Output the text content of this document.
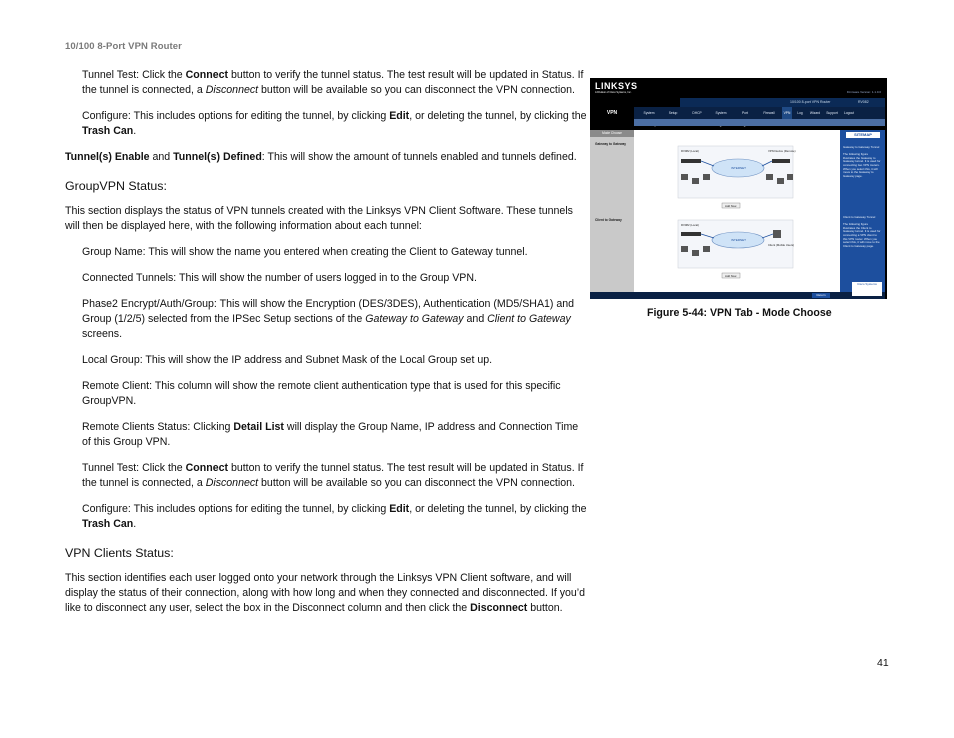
10/100 8-Port VPN Router

Tunnel Test: Click the Connect button to verify the tunnel status. The test result will be updated in Status. If the tunnel is connected, a Disconnect button will be available so you can disconnect the VPN connection.

Configure: This includes options for editing the tunnel, by clicking Edit, or deleting the tunnel, by clicking the Trash Can.

Tunnel(s) Enable and Tunnel(s) Defined: This will show the amount of tunnels enabled and tunnels defined.

GroupVPN Status:

This section displays the status of VPN tunnels created with the Linksys VPN Client Software. These tunnels will then be displayed here, with the following information about each tunnel:

Group Name: This will show the name you entered when creating the Client to Gateway tunnel.

Connected Tunnels: This will show the number of users logged in to the Group VPN.

Phase2 Encrypt/Auth/Group: This will show the Encryption (DES/3DES), Authentication (MD5/SHA1) and Group (1/2/5) selected from the IPSec Setup sections of the Gateway to Gateway and Client to Gateway screens.

Local Group: This will show the IP address and Subnet Mask of the Local Group set up.

Remote Client: This column will show the remote client authentication type that is used for this specific GroupVPN.

Remote Clients Status: Clicking Detail List will display the Group Name, IP address and Connection Time of this Group VPN.

Tunnel Test: Click the Connect button to verify the tunnel status. The test result will be updated in Status. If the tunnel is connected, a Disconnect button will be available so you can disconnect the VPN connection.

Configure: This includes options for editing the tunnel, by clicking Edit, or deleting the tunnel, by clicking the Trash Can.

VPN Clients Status:

This section identifies each user logged onto your network through the Linksys VPN Client software, and will display the status of their connection, along with how long and when they connected and disconnected. If you’d like to disconnect any user, select the box in the Disconnect column and then click the Disconnect button.

LINKSYS
A Division of Cisco Systems, Inc.	Firmware Version: 1.1.0.0
10/100 8-port VPN Router	RV082
VPN	System	Setup	DHCP	System	Port	Firewall	VPN	Log	Wizard	Support	Logout
Mode Choose
Gateway to Gateway
Client to Gateway
INTERNET
RV082 (Local)	VPN Device (Remote)
Add Now
INTERNET
RV082 (Local)
Client (Mobile Users)
Add Now
SITEMAP
Gateway to Gateway Tunnel

The following figure illustrates the Gateway to Gateway tunnel. It is used for connecting two VPN routers. When you select this, it will move to the Gateway to Gateway page.
Client to Gateway Tunnel

The following figure illustrates the Client to Gateway tunnel. It is used for connecting a VPN client to this VPN router. When you select this, it will move to the Client to Gateway page.
Return
Cisco Systems
Figure 5-44: VPN Tab - Mode Choose
41
